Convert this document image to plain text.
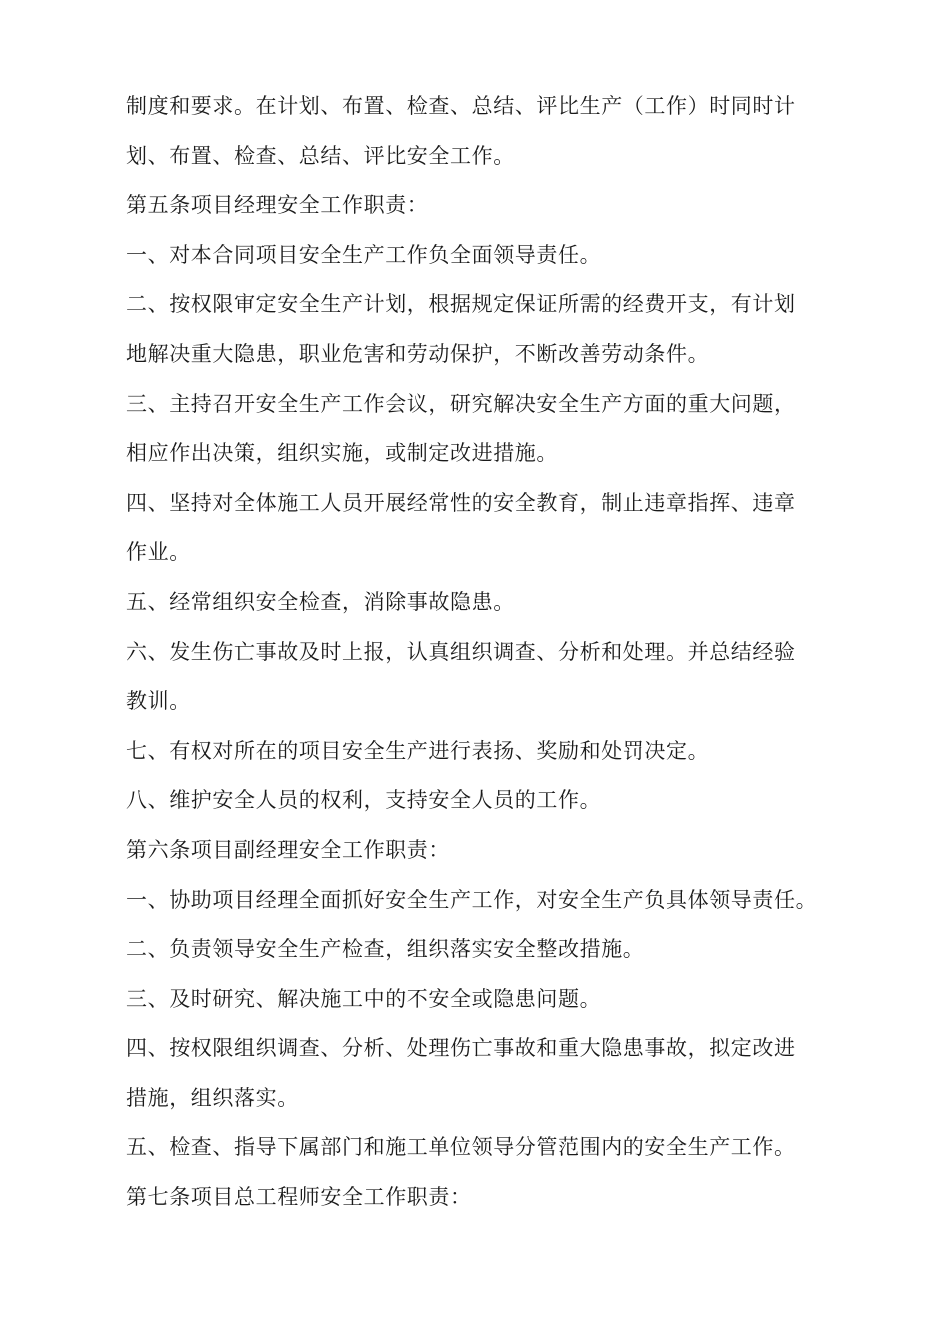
制度和要求。在计划、布置、检查、总结、评比生产（工作）时同时计
划、布置、检查、总结、评比安全工作。
第五条项目经理安全工作职责：
一、对本合同项目安全生产工作负全面领导责任。
二、按权限审定安全生产计划，根据规定保证所需的经费开支，有计划
地解决重大隐患，职业危害和劳动保护，不断改善劳动条件。
三、主持召开安全生产工作会议，研究解决安全生产方面的重大问题，
相应作出决策，组织实施，或制定改进措施。
四、坚持对全体施工人员开展经常性的安全教育，制止违章指挥、违章
作业。
五、经常组织安全检查，消除事故隐患。
六、发生伤亡事故及时上报，认真组织调查、分析和处理。并总结经验
教训。
七、有权对所在的项目安全生产进行表扬、奖励和处罚决定。
八、维护安全人员的权利，支持安全人员的工作。
第六条项目副经理安全工作职责：
一、协助项目经理全面抓好安全生产工作，对安全生产负具体领导责任。
二、负责领导安全生产检查，组织落实安全整改措施。
三、及时研究、解决施工中的不安全或隐患问题。
四、按权限组织调查、分析、处理伤亡事故和重大隐患事故，拟定改进
措施，组织落实。
五、检查、指导下属部门和施工单位领导分管范围内的安全生产工作。
第七条项目总工程师安全工作职责：
